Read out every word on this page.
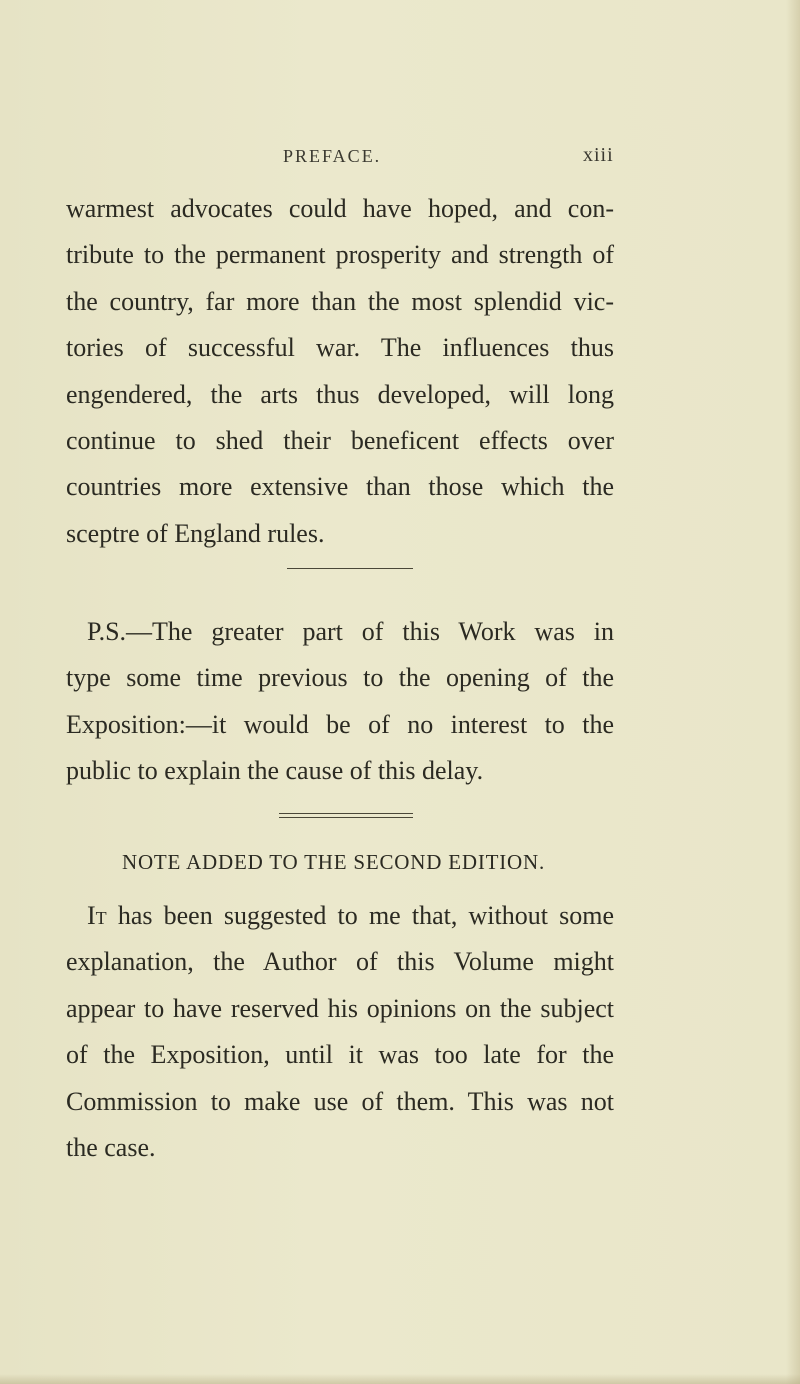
PREFACE.	xiii
warmest advocates could have hoped, and con-
tribute to the permanent prosperity and strength of
the country, far more than the most splendid vic-
tories of successful war. The influences thus
engendered, the arts thus developed, will long
continue to shed their beneficent effects over
countries more extensive than those which the
sceptre of England rules.
P.S.—The greater part of this Work was in
type some time previous to the opening of the
Exposition:—it would be of no interest to the
public to explain the cause of this delay.
NOTE ADDED TO THE SECOND EDITION.
It has been suggested to me that, without some
explanation, the Author of this Volume might
appear to have reserved his opinions on the subject
of the Exposition, until it was too late for the
Commission to make use of them. This was not
the case.
